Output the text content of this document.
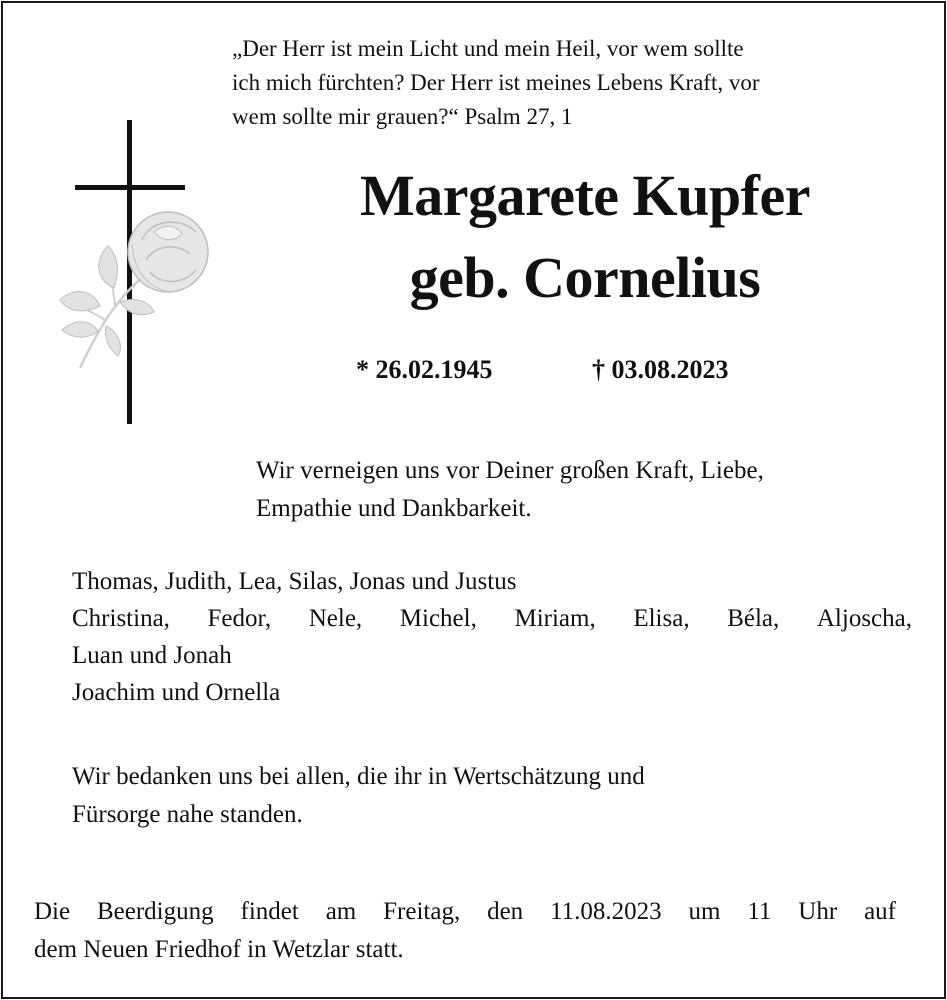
„Der Herr ist mein Licht und mein Heil, vor wem sollte
ich mich fürchten? Der Herr ist meines Lebens Kraft, vor
wem sollte mir grauen?“ Psalm 27, 1
Margarete Kupfer
geb. Cornelius
* 26.02.1945	† 03.08.2023
Wir verneigen uns vor Deiner großen Kraft, Liebe,
Empathie und Dankbarkeit.
Thomas, Judith, Lea, Silas, Jonas und Justus
Christina, Fedor, Nele, Michel, Miriam, Elisa, Béla, Aljoscha,
Luan und Jonah
Joachim und Ornella
Wir bedanken uns bei allen, die ihr in Wertschätzung und
Fürsorge nahe standen.
Die Beerdigung findet am Freitag, den 11.08.2023 um 11 Uhr auf
dem Neuen Friedhof in Wetzlar statt.
